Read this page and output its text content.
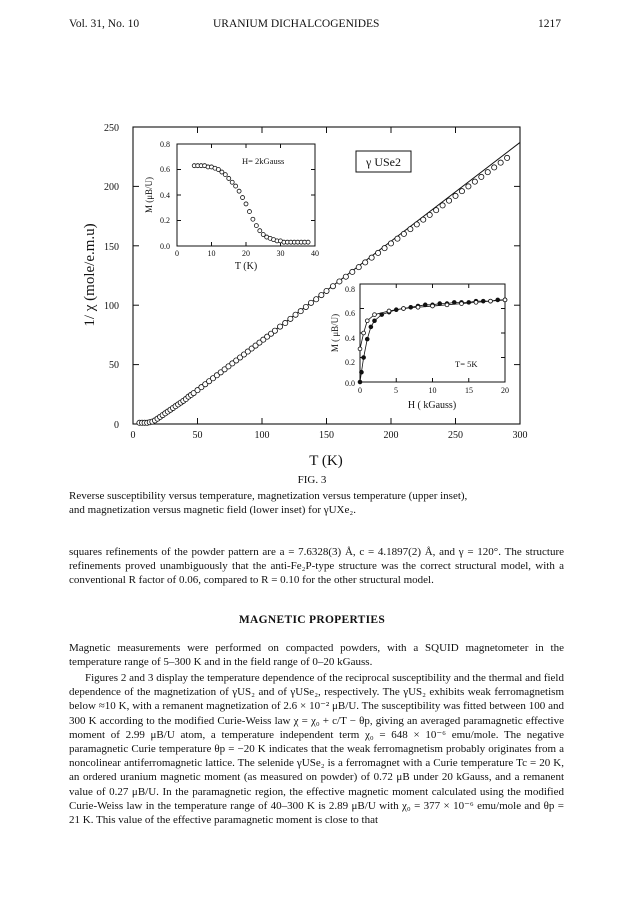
Vol. 31, No. 10	URANIUM DICHALCOGENIDES	1217
250
200
150
100
50
0
0	50	100	150	200	250	300
T (K)
1/ χ (mole/e.m.u)
γ USe2
0.8
0.6
0.4
0.2
0.0
0	10	20	30	40
T (K)
M (μB/U)
H= 2kGauss
0.8
0.6
0.4
0.2
0.0
0	5	10	15	20
H ( kGauss)
M ( μB/U)
T= 5K
FIG. 3
Reverse susceptibility versus temperature, magnetization versus temperature (upper inset),
and magnetization versus magnetic field (lower inset) for γUXe₂.

squares refinements of the powder pattern are a = 7.6328(3) Å, c = 4.1897(2) Å, and γ = 120°. The structure refinements proved unambiguously that the anti-Fe₂P-type structure was the correct structural model, with a conventional R factor of 0.06, compared to R = 0.10 for the other structural model.

MAGNETIC PROPERTIES

Magnetic measurements were performed on compacted powders, with a SQUID magnetometer in the temperature range of 5–300 K and in the field range of 0–20 kGauss.

Figures 2 and 3 display the temperature dependence of the reciprocal susceptibility and the thermal and field dependence of the magnetization of γUS₂ and of γUSe₂, respectively. The γUS₂ exhibits weak ferromagnetism below ≈10 K, with a remanent magnetization of 2.6 × 10⁻² μB/U. The susceptibility was fitted between 100 and 300 K according to the modified Curie-Weiss law χ = χ₀ + c/T − θp, giving an averaged paramagnetic effective moment of 2.99 μB/U atom, a temperature independent term χ₀ = 648 × 10⁻⁶ emu/mole. The negative paramagnetic Curie temperature θp = −20 K indicates that the weak ferromagnetism probably originates from a noncolinear antiferromagnetic lattice. The selenide γUSe₂ is a ferromagnet with a Curie temperature Tc = 20 K, an ordered uranium magnetic moment (as measured on powder) of 0.72 μB under 20 kGauss, and a remanent value of 0.27 μB/U. In the paramagnetic region, the effective magnetic moment calculated using the modified Curie-Weiss law in the temperature range of 40–300 K is 2.89 μB/U with χ₀ = 377 × 10⁻⁶ emu/mole and θp = 21 K. This value of the effective paramagnetic moment is close to that
